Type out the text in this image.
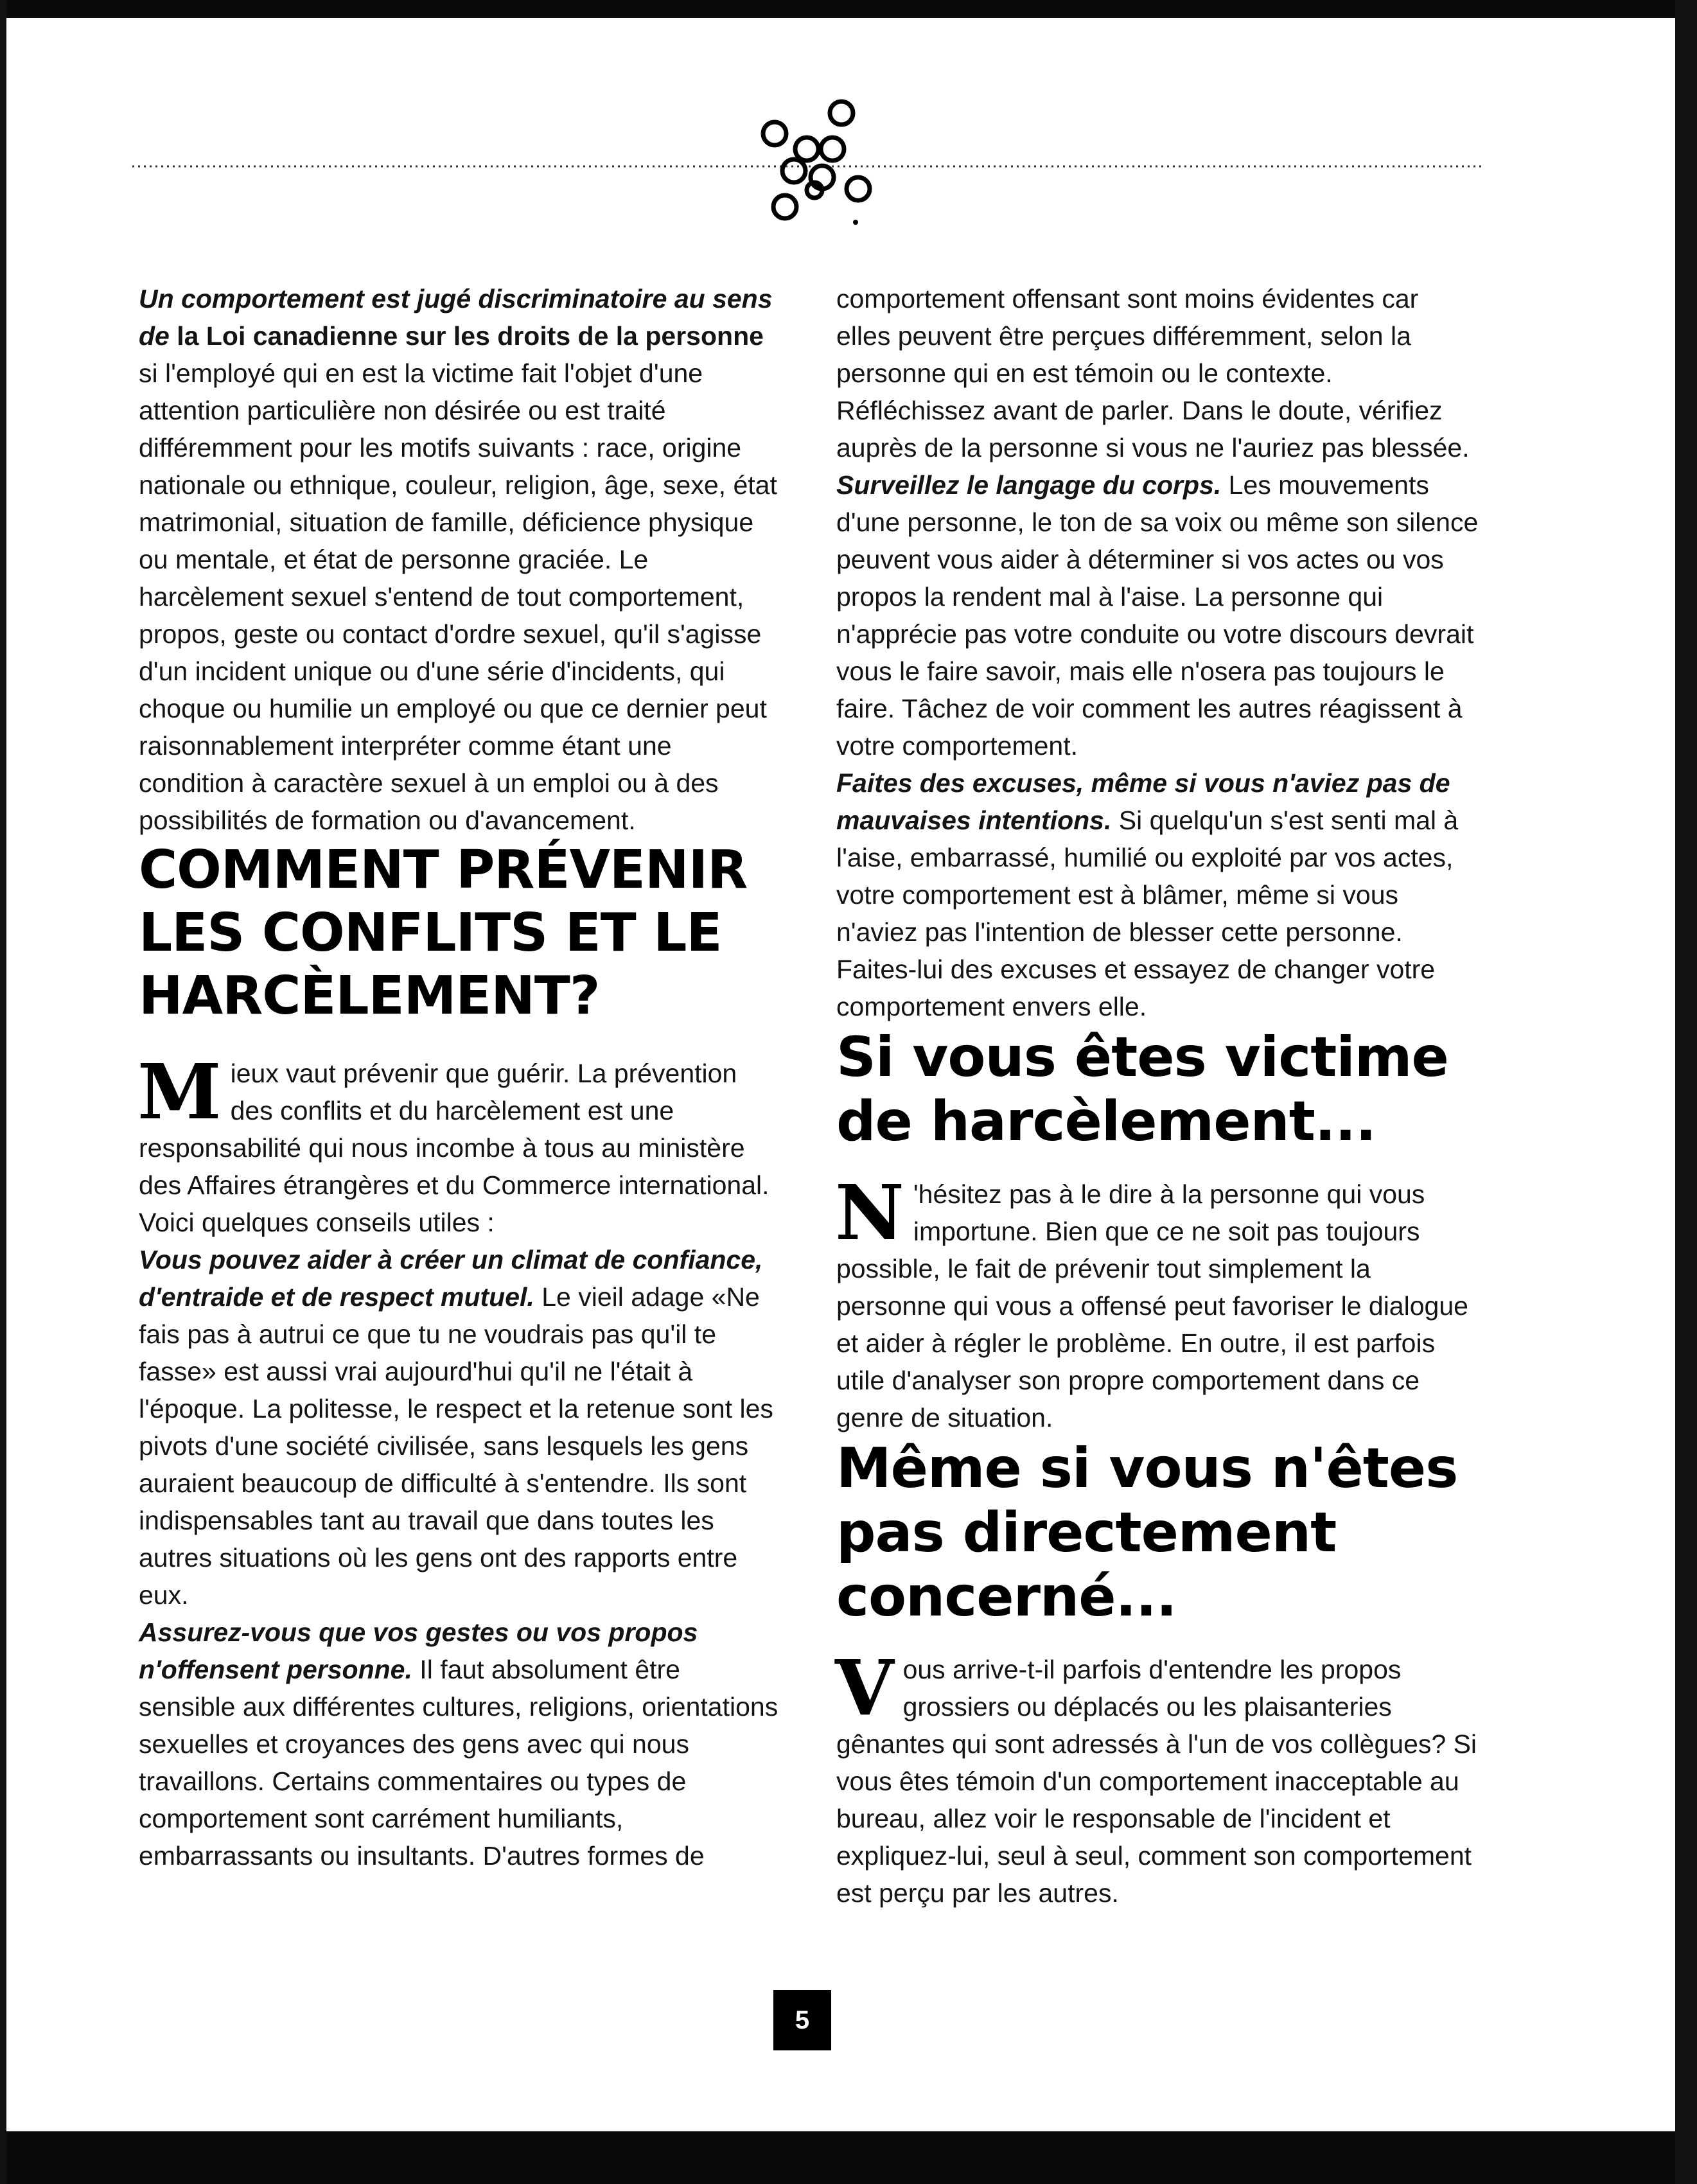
Un comportement est jugé discriminatoire au sens de la Loi canadienne sur les droits de la personne si l'employé qui en est la victime fait l'objet d'une attention particulière non désirée ou est traité différemment pour les motifs suivants : race, origine nationale ou ethnique, couleur, religion, âge, sexe, état matrimonial, situation de famille, déficience physique ou mentale, et état de personne graciée. Le harcèlement sexuel s'entend de tout comportement, propos, geste ou contact d'ordre sexuel, qu'il s'agisse d'un incident unique ou d'une série d'incidents, qui choque ou humilie un employé ou que ce dernier peut raisonnablement interpréter comme étant une condition à caractère sexuel à un emploi ou à des possibilités de formation ou d'avancement.

COMMENT PRÉVENIR LES CONFLITS ET LE HARCÈLEMENT?

M ieux vaut prévenir que guérir. La prévention des conflits et du harcèlement est une responsabilité qui nous incombe à tous au ministère des Affaires étrangères et du Commerce international. Voici quelques conseils utiles :

Vous pouvez aider à créer un climat de confiance, d'entraide et de respect mutuel. Le vieil adage «Ne fais pas à autrui ce que tu ne voudrais pas qu'il te fasse» est aussi vrai aujourd'hui qu'il ne l'était à l'époque. La politesse, le respect et la retenue sont les pivots d'une société civilisée, sans lesquels les gens auraient beaucoup de difficulté à s'entendre. Ils sont indispensables tant au travail que dans toutes les autres situations où les gens ont des rapports entre eux.

Assurez-vous que vos gestes ou vos propos n'offensent personne. Il faut absolument être sensible aux différentes cultures, religions, orientations sexuelles et croyances des gens avec qui nous travaillons. Certains commentaires ou types de comportement sont carrément humiliants, embarrassants ou insultants. D'autres formes de

comportement offensant sont moins évidentes car elles peuvent être perçues différemment, selon la personne qui en est témoin ou le contexte. Réfléchissez avant de parler. Dans le doute, vérifiez auprès de la personne si vous ne l'auriez pas blessée.

Surveillez le langage du corps. Les mouvements d'une personne, le ton de sa voix ou même son silence peuvent vous aider à déterminer si vos actes ou vos propos la rendent mal à l'aise. La personne qui n'apprécie pas votre conduite ou votre discours devrait vous le faire savoir, mais elle n'osera pas toujours le faire. Tâchez de voir comment les autres réagissent à votre comportement.

Faites des excuses, même si vous n'aviez pas de mauvaises intentions. Si quelqu'un s'est senti mal à l'aise, embarrassé, humilié ou exploité par vos actes, votre comportement est à blâmer, même si vous n'aviez pas l'intention de blesser cette personne. Faites-lui des excuses et essayez de changer votre comportement envers elle.

Si vous êtes victime de harcèlement...

N 'hésitez pas à le dire à la personne qui vous importune. Bien que ce ne soit pas toujours possible, le fait de prévenir tout simplement la personne qui vous a offensé peut favoriser le dialogue et aider à régler le problème. En outre, il est parfois utile d'analyser son propre comportement dans ce genre de situation.

Même si vous n'êtes pas directement concerné...

V ous arrive-t-il parfois d'entendre les propos grossiers ou déplacés ou les plaisanteries gênantes qui sont adressés à l'un de vos collègues? Si vous êtes témoin d'un comportement inacceptable au bureau, allez voir le responsable de l'incident et expliquez-lui, seul à seul, comment son comportement est perçu par les autres.

5
